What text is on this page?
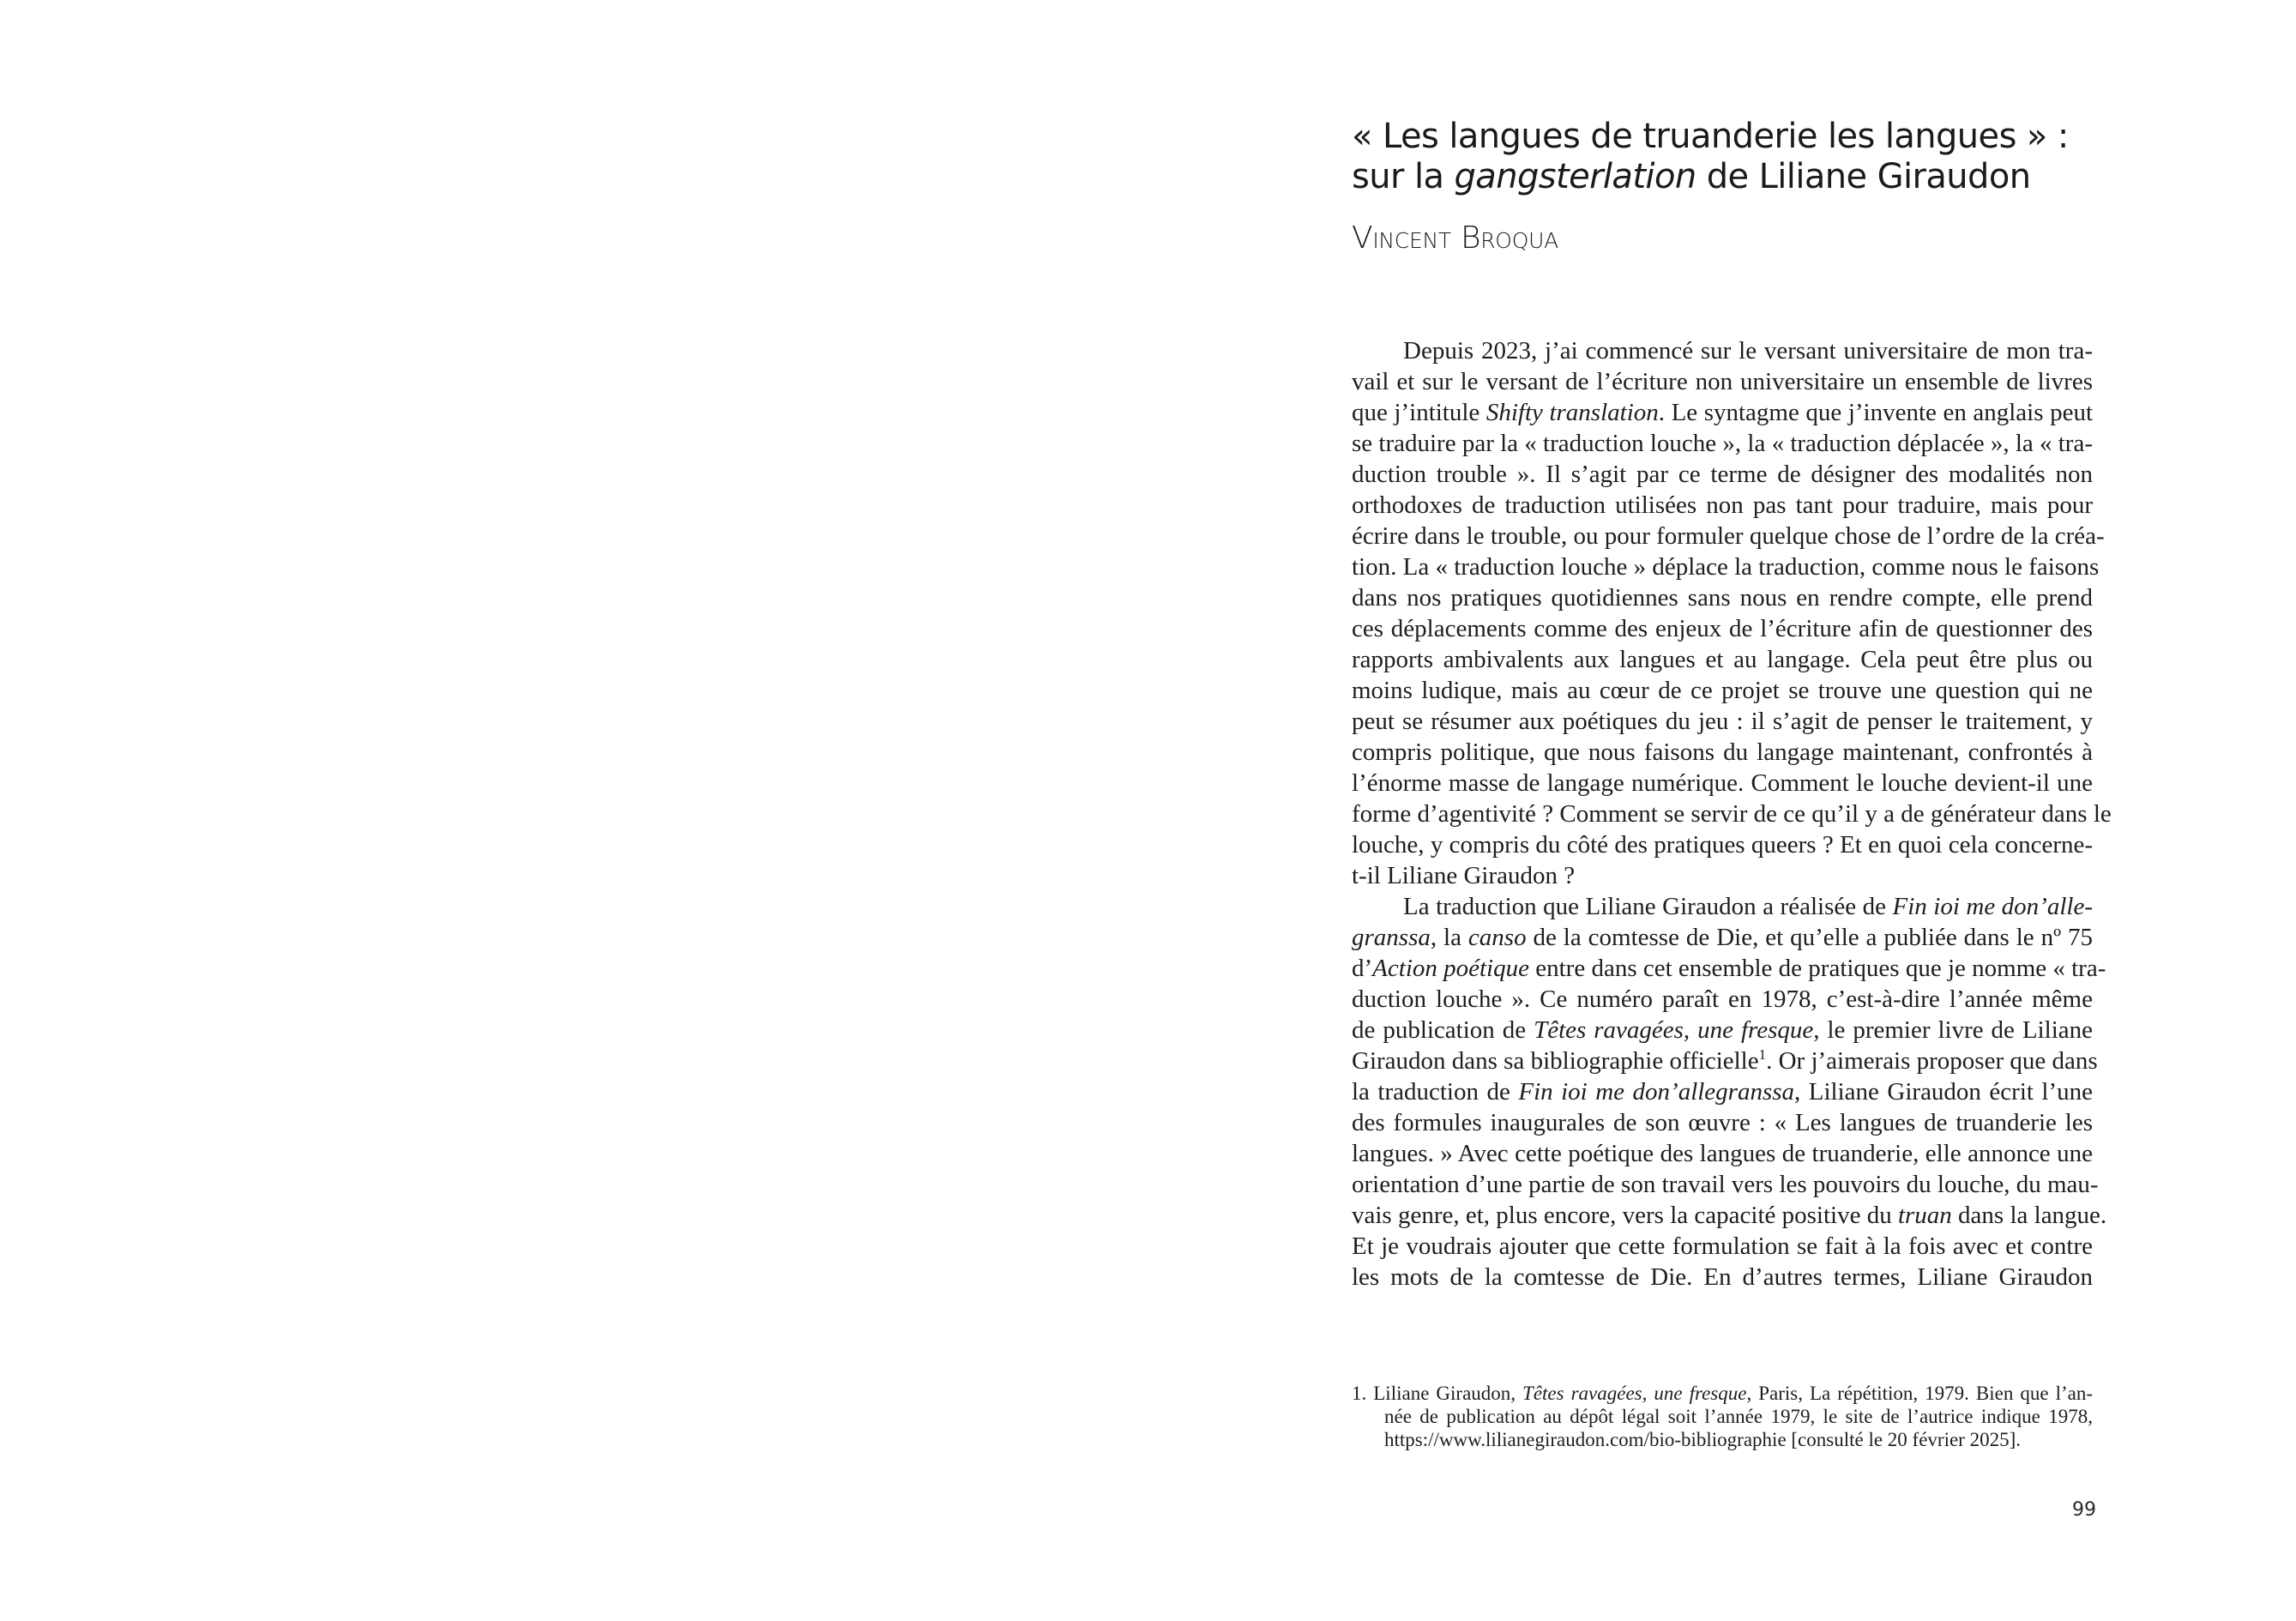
« Les langues de truanderie les langues » :
sur la gangsterlation de Liliane Giraudon
Vincent Broqua
Depuis 2023, j’ai commencé sur le versant universitaire de mon tra-
vail et sur le versant de l’écriture non universitaire un ensemble de livres
que j’intitule Shifty translation. Le syntagme que j’invente en anglais peut
se traduire par la « traduction louche », la « traduction déplacée », la « tra-
duction trouble ». Il s’agit par ce terme de désigner des modalités non
orthodoxes de traduction utilisées non pas tant pour traduire, mais pour
écrire dans le trouble, ou pour formuler quelque chose de l’ordre de la créa-
tion. La « traduction louche » déplace la traduction, comme nous le faisons
dans nos pratiques quotidiennes sans nous en rendre compte, elle prend
ces déplacements comme des enjeux de l’écriture afin de questionner des
rapports ambivalents aux langues et au langage. Cela peut être plus ou
moins ludique, mais au cœur de ce projet se trouve une question qui ne
peut se résumer aux poétiques du jeu : il s’agit de penser le traitement, y
compris politique, que nous faisons du langage maintenant, confrontés à
l’énorme masse de langage numérique. Comment le louche devient-il une
forme d’agentivité ? Comment se servir de ce qu’il y a de générateur dans le
louche, y compris du côté des pratiques queers ? Et en quoi cela concerne-
t-il Liliane Giraudon ?
La traduction que Liliane Giraudon a réalisée de Fin ioi me don’alle-
granssa, la canso de la comtesse de Die, et qu’elle a publiée dans le nº 75
d’Action poétique entre dans cet ensemble de pratiques que je nomme « tra-
duction louche ». Ce numéro paraît en 1978, c’est-à-dire l’année même
de publication de Têtes ravagées, une fresque, le premier livre de Liliane
Giraudon dans sa bibliographie officielle$^1$. Or j’aimerais proposer que dans
la traduction de Fin ioi me don’allegranssa, Liliane Giraudon écrit l’une
des formules inaugurales de son œuvre : « Les langues de truanderie les
langues. » Avec cette poétique des langues de truanderie, elle annonce une
orientation d’une partie de son travail vers les pouvoirs du louche, du mau-
vais genre, et, plus encore, vers la capacité positive du truan dans la langue.
Et je voudrais ajouter que cette formulation se fait à la fois avec et contre
les mots de la comtesse de Die. En d’autres termes, Liliane Giraudon
1. Liliane Giraudon, Têtes ravagées, une fresque, Paris, La répétition, 1979. Bien que l’an-
née de publication au dépôt légal soit l’année 1979, le site de l’autrice indique 1978,
https://www.lilianegiraudon.com/bio-bibliographie [consulté le 20 février 2025].
99
